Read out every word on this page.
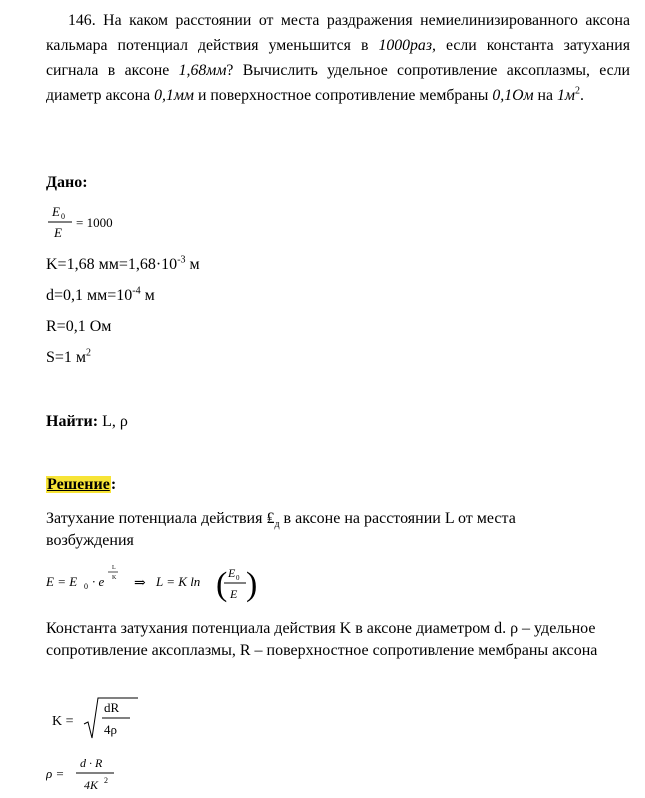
146. На каком расстоянии от места раздражения немиелинизированного аксона кальмара потенциал действия уменьшится в 1000раз, если константа затухания сигнала в аксоне 1,68мм? Вычислить удельное сопротивление аксоплазмы, если диаметр аксона 0,1мм и поверхностное сопротивление мембраны 0,1Ом на $1м^2$.

Дано:

E 0
E
= 1000

K=1,68 $мм=1,68\cdot 10^{-3}$ м

d=0,1 $мм=10^{-4}$ м

R=0,1 Ом

S=1 $м^2$

Найти: L, ρ

Решение:

Затухание потенциала действия $₤_д$ в аксоне на расстоянии L от места возбуждения

E = E 0 · e
L
K ⇒ L = K ln ( E 0
E )

Константа затухания потенциала действия K в аксоне диаметром d. ρ – удельное сопротивление аксоплазмы, R – поверхностное сопротивление мембраны аксона

K =
dR
4ρ
ρ =
d · R
4K 2
